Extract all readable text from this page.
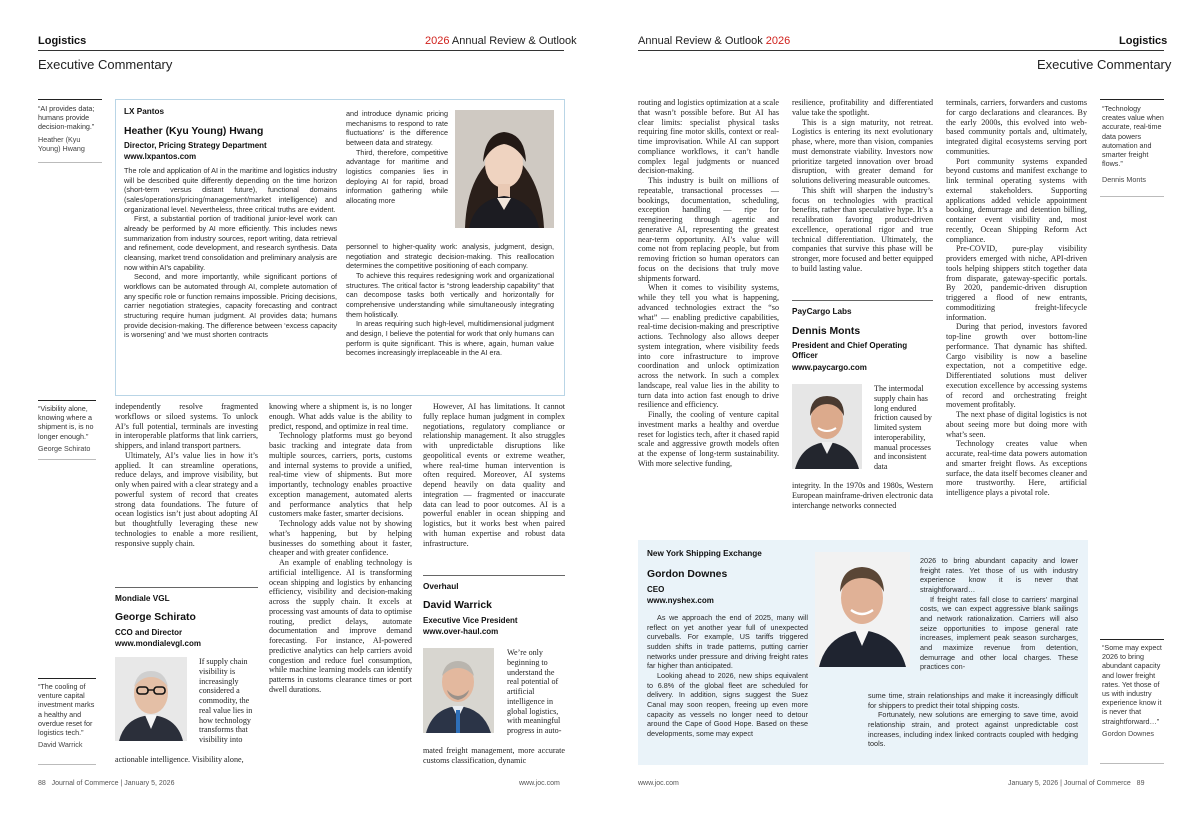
Logistics	2026 Annual Review & Outlook
Executive Commentary
Annual Review & Outlook 2026	Logistics
Executive Commentary
“AI provides data; humans provide decision-making.”
Heather (Kyu Young) Hwang
“Visibility alone, knowing where a shipment is, is no longer enough.”
George Schirato
“The cooling of venture capital investment marks a healthy and overdue reset for logistics tech.”
David Warrick
“Technology creates value when accurate, real-time data powers automation and smarter freight flows.”
Dennis Monts
“Some may expect 2026 to bring abundant capacity and lower freight rates. Yet those of us with industry experience know it is never that straightforward…”
Gordon Downes
LX Pantos
Heather (Kyu Young) Hwang
Director, Pricing Strategy Department
www.lxpantos.com

The role and application of AI in the maritime and logistics industry will be described quite differently depending on the time horizon (short-term versus distant future), functional domains (sales/operations/pricing/management/market intelligence) and organizational level. Nevertheless, three critical truths are evident.

First, a substantial portion of traditional junior-level work can already be performed by AI more efficiently. This includes news summarization from industry sources, report writing, data retrieval and refinement, code development, and research synthesis. Data cleansing, market trend consolidation and preliminary analysis are now within AI’s capability.

Second, and more importantly, while significant portions of workflows can be automated through AI, complete automation of any specific role or function remains impossible. Pricing decisions, carrier negotiation strategies, capacity forecasting and contract structuring require human judgment. AI provides data; humans provide decision-making. The difference between ‘excess capacity is worsening’ and ‘we must shorten contracts

and introduce dynamic pricing mechanisms to respond to rate fluctuations’ is the difference between data and strategy.

Third, therefore, competitive advantage for maritime and logistics companies lies in deploying AI for rapid, broad information gathering while allocating more

personnel to higher-quality work: analysis, judgment, design, negotiation and strategic decision-making. This reallocation determines the competitive positioning of each company.

To achieve this requires redesigning work and organizational structures. The critical factor is “strong leadership capability” that can decompose tasks both vertically and horizontally for comprehensive understanding while simultaneously integrating them holistically.

In areas requiring such high-level, multidimensional judgment and design, I believe the potential for work that only humans can perform is quite significant. This is where, again, human value becomes increasingly irreplaceable in the AI era.

independently resolve fragmented workflows or siloed systems. To unlock AI’s full potential, terminals are investing in interoperable platforms that link carriers, shippers, and inland transport partners.

Ultimately, AI’s value lies in how it’s applied. It can streamline operations, reduce delays, and improve visibility, but only when paired with a clear strategy and a powerful system of record that creates strong data foundations. The future of ocean logistics isn’t just about adopting AI but thoughtfully leveraging these new technologies to enable a more resilient, responsive supply chain.

Mondiale VGL
George Schirato
CCO and Director
www.mondialevgl.com

If supply chain visibility is increasingly considered a commodity, the real value lies in how technology transforms that visibility into

actionable intelligence. Visibility alone,

knowing where a shipment is, is no longer enough. What adds value is the ability to predict, respond, and optimize in real time.

Technology platforms must go beyond basic tracking and integrate data from multiple sources, carriers, ports, customs and internal systems to provide a unified, real-time view of shipments. But more importantly, technology enables proactive exception management, automated alerts and performance analytics that help customers make faster, smarter decisions.

Technology adds value not by showing what’s happening, but by helping businesses do something about it faster, cheaper and with greater confidence.

An example of enabling technology is artificial intelligence. AI is transforming ocean shipping and logistics by enhancing efficiency, visibility and decision-making across the supply chain. It excels at processing vast amounts of data to optimise routing, predict delays, automate documentation and improve demand forecasting. For instance, AI-powered predictive analytics can help carriers avoid congestion and reduce fuel consumption, while machine learning models can identify patterns in customs clearance times or port dwell durations.

However, AI has limitations. It cannot fully replace human judgment in complex negotiations, regulatory compliance or relationship management. It also struggles with unpredictable disruptions like geopolitical events or extreme weather, where real-time human intervention is often required. Moreover, AI systems depend heavily on data quality and integration — fragmented or inaccurate data can lead to poor outcomes. AI is a powerful enabler in ocean shipping and logistics, but it works best when paired with human expertise and robust data infrastructure.

Overhaul
David Warrick
Executive Vice President
www.over-haul.com

We’re only beginning to understand the real potential of artificial intelligence in global logistics, with meaningful progress in auto-

mated freight management, more accurate customs classification, dynamic

routing and logistics optimization at a scale that wasn’t possible before. But AI has clear limits: specialist physical tasks requiring fine motor skills, context or real-time improvisation. While AI can support compliance workflows, it can’t handle complex legal judgments or nuanced decision-making.

This industry is built on millions of repeatable, transactional processes — bookings, documentation, scheduling, exception handling — ripe for reengineering through agentic and generative AI, representing the greatest near-term opportunity. AI’s value will come not from replacing people, but from removing friction so human operators can focus on the decisions that truly move shipments forward.

When it comes to visibility systems, while they tell you what is happening, advanced technologies extract the “so what” — enabling predictive capabilities, real-time decision-making and prescriptive actions. Technology also allows deeper system integration, where visibility feeds into core infrastructure to improve coordination and unlock optimization across the network. In such a complex landscape, real value lies in the ability to turn data into action fast enough to drive resilience and efficiency.

Finally, the cooling of venture capital investment marks a healthy and overdue reset for logistics tech, after it chased rapid scale and aggressive growth models often at the expense of long-term sustainability. With more selective funding,

resilience, profitability and differentiated value take the spotlight.

This is a sign maturity, not retreat. Logistics is entering its next evolutionary phase, where, more than vision, companies must demonstrate viability. Investors now prioritize targeted innovation over broad disruption, with greater demand for solutions delivering measurable outcomes.

This shift will sharpen the industry’s focus on technologies with practical benefits, rather than speculative hype. It’s a recalibration favoring product-driven excellence, operational rigor and true technical differentiation. Ultimately, the companies that survive this phase will be stronger, more focused and better equipped to build lasting value.

PayCargo Labs
Dennis Monts
President and Chief Operating Officer
www.paycargo.com

The intermodal supply chain has long endured friction caused by limited system interoperability, manual processes and inconsistent data

integrity. In the 1970s and 1980s, Western European mainframe-driven electronic data interchange networks connected

terminals, carriers, forwarders and customs for cargo declarations and clearances. By the early 2000s, this evolved into web-based community portals and, ultimately, integrated digital ecosystems serving port communities.

Port community systems expanded beyond customs and manifest exchange to link terminal operating systems with external stakeholders. Supporting applications added vehicle appointment booking, demurrage and detention billing, container event visibility and, most recently, Ocean Shipping Reform Act compliance.

Pre-COVID, pure-play visibility providers emerged with niche, API-driven tools helping shippers stitch together data from disparate, gateway-specific portals. By 2020, pandemic-driven disruption triggered a flood of new entrants, commoditizing freight-lifecycle information.

During that period, investors favored top-line growth over bottom-line performance. That dynamic has shifted. Cargo visibility is now a baseline expectation, not a competitive edge. Differentiated solutions must deliver execution excellence by accessing systems of record and orchestrating freight movement profitably.

The next phase of digital logistics is not about seeing more but doing more with what’s seen.

Technology creates value when accurate, real-time data powers automation and smarter freight flows. As exceptions surface, the data itself becomes cleaner and more trustworthy. Here, artificial intelligence plays a pivotal role.

New York Shipping Exchange
Gordon Downes
CEO
www.nyshex.com

As we approach the end of 2025, many will reflect on yet another year full of unexpected curveballs. For example, US tariffs triggered sudden shifts in trade patterns, putting carrier networks under pressure and driving freight rates far higher than anticipated.

Looking ahead to 2026, new ships equivalent to 6.8% of the global fleet are scheduled for delivery. In addition, signs suggest the Suez Canal may soon reopen, freeing up even more capacity as vessels no longer need to detour around the Cape of Good Hope. Based on these developments, some may expect

2026 to bring abundant capacity and lower freight rates. Yet those of us with industry experience know it is never that straightforward…

If freight rates fall close to carriers’ marginal costs, we can expect aggressive blank sailings and network rationalization. Carriers will also seize opportunities to impose general rate increases, implement peak season surcharges, and maximize revenue from detention, demurrage and other local charges. These practices con-

sume time, strain relationships and make it increasingly difficult for shippers to predict their total shipping costs.

Fortunately, new solutions are emerging to save time, avoid relationship strain, and protect against unpredictable cost increases, including index linked contracts coupled with hedging tools.

88 Journal of Commerce | January 5, 2026	www.joc.com	www.joc.com	January 5, 2026 | Journal of Commerce 89
